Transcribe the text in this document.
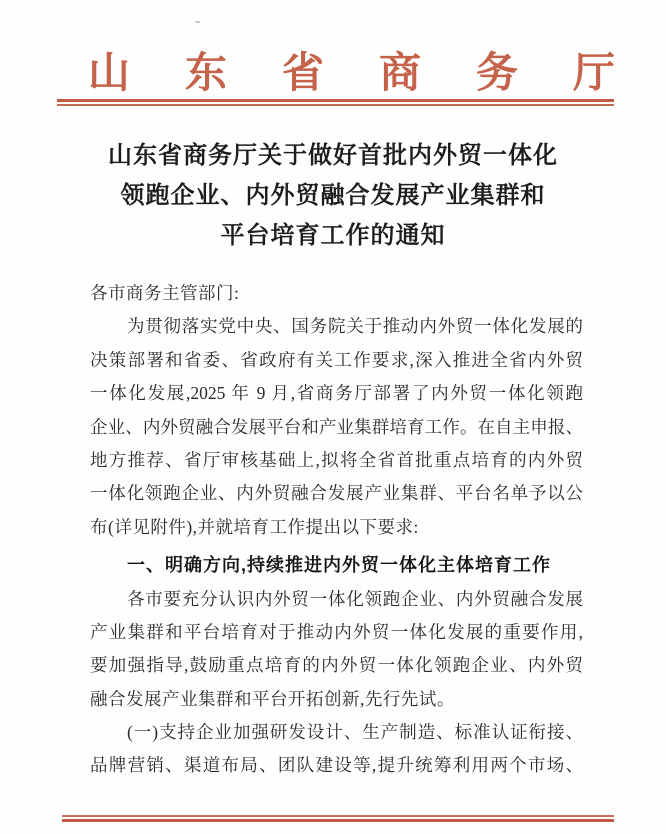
山 东 省 商 务 厅
山东省商务厅关于做好首批内外贸一体化
领跑企业、内外贸融合发展产业集群和
平台培育工作的通知
各市商务主管部门:
为贯彻落实党中央、国务院关于推动内外贸一体化发展的
决策部署和省委、省政府有关工作要求,深入推进全省内外贸
一体化发展,2025 年 9 月,省商务厅部署了内外贸一体化领跑
企业、内外贸融合发展平台和产业集群培育工作。在自主申报、
地方推荐、省厅审核基础上,拟将全省首批重点培育的内外贸
一体化领跑企业、内外贸融合发展产业集群、平台名单予以公
布(详见附件),并就培育工作提出以下要求:
一、明确方向,持续推进内外贸一体化主体培育工作
各市要充分认识内外贸一体化领跑企业、内外贸融合发展
产业集群和平台培育对于推动内外贸一体化发展的重要作用,
要加强指导,鼓励重点培育的内外贸一体化领跑企业、内外贸
融合发展产业集群和平台开拓创新,先行先试。
(一)支持企业加强研发设计、生产制造、标准认证衔接、
品牌营销、渠道布局、团队建设等,提升统筹利用两个市场、
